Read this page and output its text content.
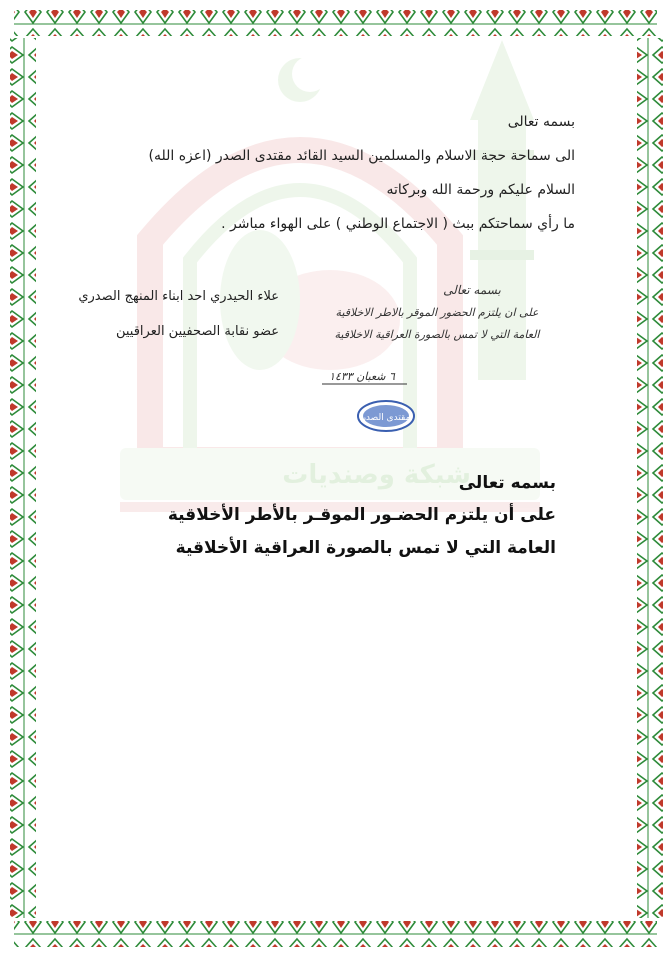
بسمه تعالى
الى سماحة حجة الاسلام والمسلمين السيد القائد مقتدى الصدر (اعزه الله)
السلام عليكم ورحمة الله وبركاته
ما رأي سماحتكم ببث ( الاجتماع الوطني ) على الهواء مباشر .
علاء الحيدري احد ابناء المنهج الصدري
عضو نقابة الصحفيين العراقيين
بسمه تعالى
على ان يلتزم الحضور الموقر بالاطر الاخلاقية
العامة التي لا تمس بالصورة العراقية الاخلاقية
٦ شعبان ١٤٣٣
مقتدى الصدر
بسمه تعالى
على أن يلتزم الحضـور الموقـر بالأطر الأخلاقية
العامة التي لا تمس بالصورة العراقية الأخلاقية
شبكة وصنديات
